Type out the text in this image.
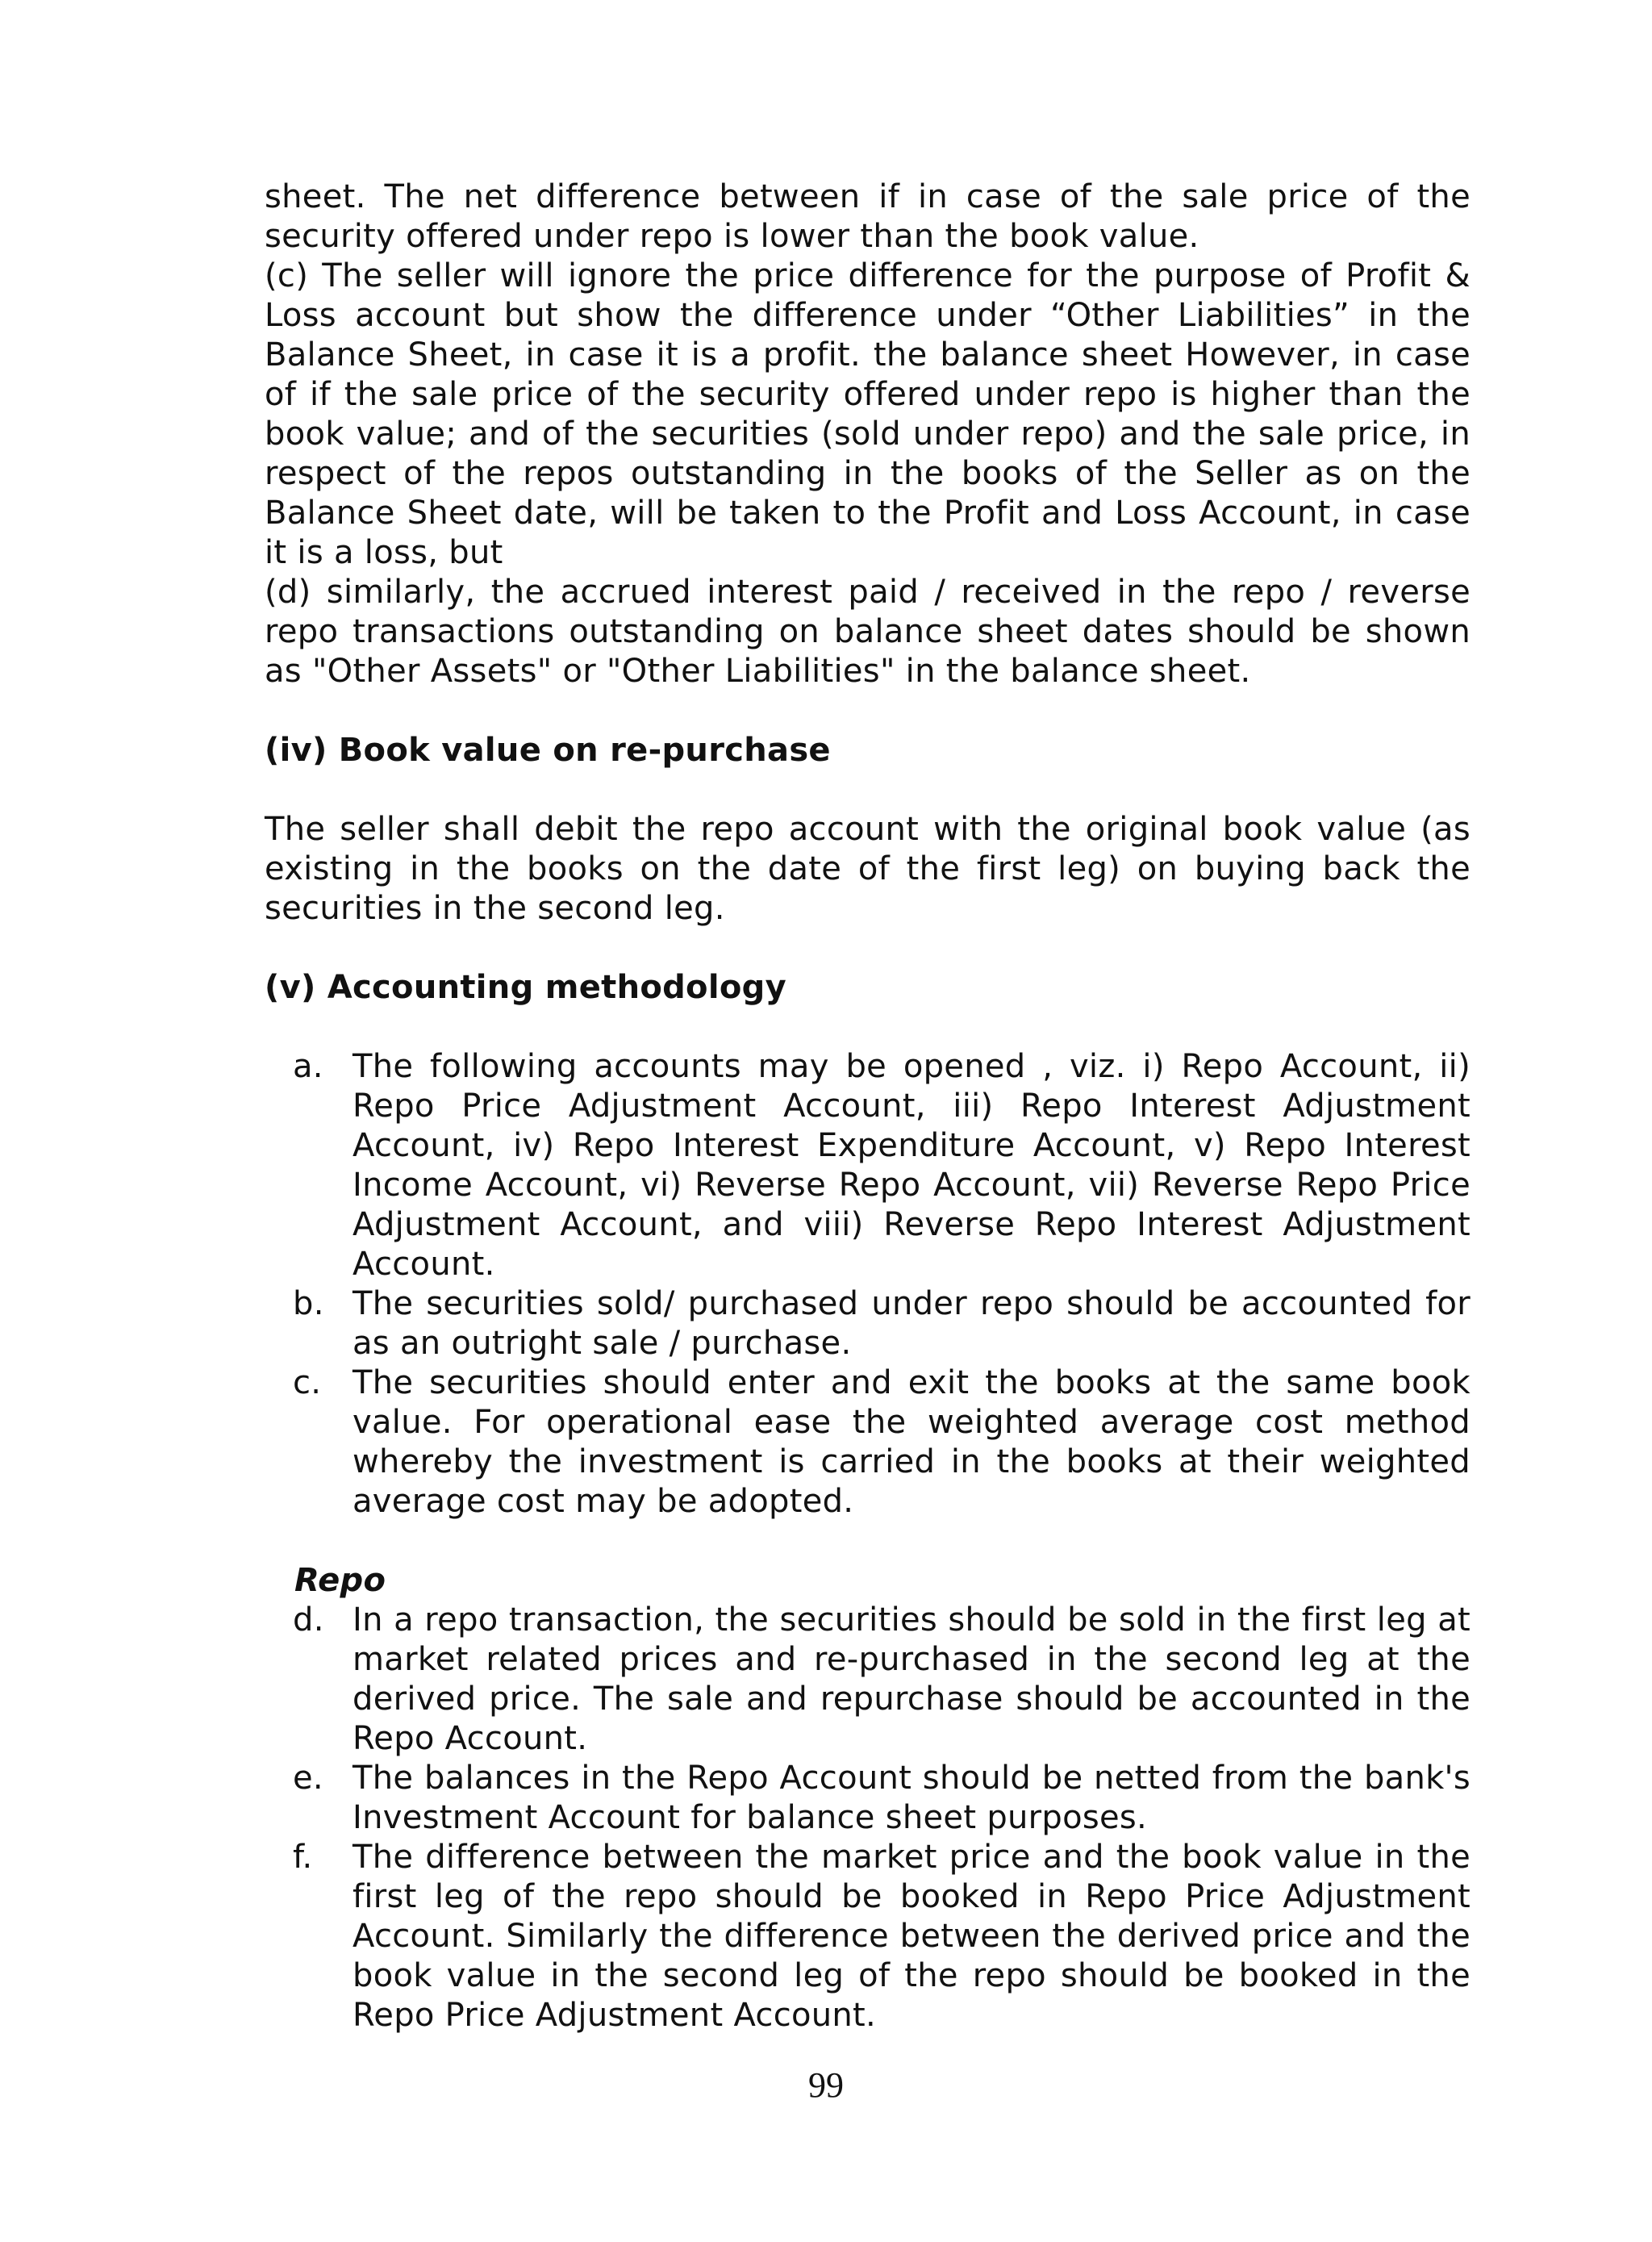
sheet. The net difference between if in case of the sale price of the security offered under repo is lower than the book value.

(c) The seller will ignore the price difference for the purpose of Profit & Loss account but show the difference under “Other Liabilities” in the Balance Sheet, in case it is a profit. the balance sheet However, in case of if the sale price of the security offered under repo is higher than the book value; and of the securities (sold under repo) and the sale price, in respect of the repos outstanding in the books of the Seller as on the Balance Sheet date, will be taken to the Profit and Loss Account, in case it is a loss, but

(d) similarly, the accrued interest paid / received in the repo / reverse repo transactions outstanding on balance sheet dates should be shown as "Other Assets" or "Other Liabilities" in the balance sheet.

(iv) Book value on re-purchase

The seller shall debit the repo account with the original book value (as existing in the books on the date of the first leg) on buying back the securities in the second leg.

(v) Accounting methodology
a. The following accounts may be opened , viz. i) Repo Account, ii) Repo Price Adjustment Account, iii) Repo Interest Adjustment Account, iv) Repo Interest Expenditure Account, v) Repo Interest Income Account, vi) Reverse Repo Account, vii) Reverse Repo Price Adjustment Account, and viii) Reverse Repo Interest Adjustment Account.
b. The securities sold/ purchased under repo should be accounted for as an outright sale / purchase.
c. The securities should enter and exit the books at the same book value. For operational ease the weighted average cost method whereby the investment is carried in the books at their weighted average cost may be adopted.

Repo

d. In a repo transaction, the securities should be sold in the first leg at market related prices and re-purchased in the second leg at the derived price. The sale and repurchase should be accounted in the Repo Account.
e. The balances in the Repo Account should be netted from the bank's Investment Account for balance sheet purposes.
f. The difference between the market price and the book value in the first leg of the repo should be booked in Repo Price Adjustment Account. Similarly the difference between the derived price and the book value in the second leg of the repo should be booked in the Repo Price Adjustment Account.
99
